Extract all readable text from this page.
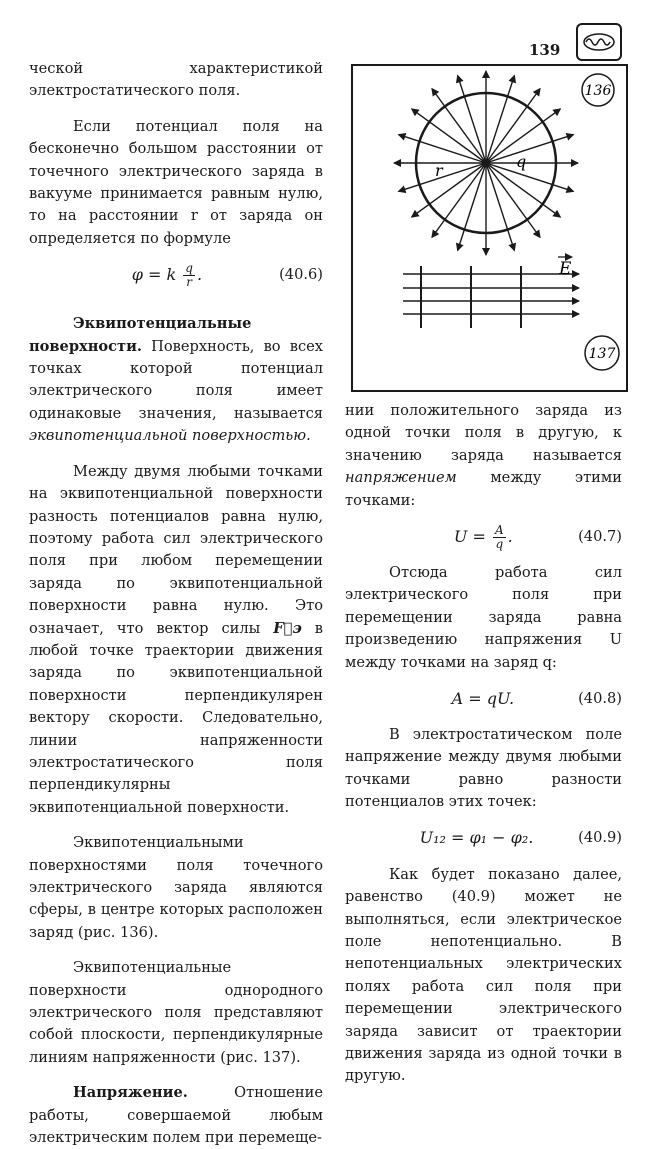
139
q
r
136
E
137

ческой характеристикой электростатического поля.

Если потенциал поля на бесконечно большом расстоянии от точечного электрического заряда в вакууме принимается равным нулю, то на расстоянии r от заряда он определяется по формуле

φ = k $\frac{q}{r}$ .	(40.6)

Эквипотенциальные поверхности. Поверхность, во всех точках которой потенциал электрического поля имеет одинаковые значения, называется эквипотенциальной поверхностью.

Между двумя любыми точками на эквипотенциальной поверхности разность потенциалов равна нулю, поэтому работа сил электрического поля при любом перемещении заряда по эквипотенциальной поверхности равна нулю. Это означает, что вектор силы F⃗э в любой точке траектории движения заряда по эквипотенциальной поверхности перпендикулярен вектору скорости. Следовательно, линии напряженности электростатического поля перпендикулярны эквипотенциальной поверхности.

Эквипотенциальными поверхностями поля точечного электрического заряда являются сферы, в центре которых расположен заряд (рис. 136).

Эквипотенциальные поверхности однородного электрического поля представляют собой плоскости, перпендикулярные линиям напряженности (рис. 137).

Напряжение. Отношение работы, совершаемой любым электрическим полем при перемеще-

нии положительного заряда из одной точки поля в другую, к значению заряда называется напряжением между этими точками:

$U = \frac{A}{q}$ .	(40.7)

Отсюда работа сил электрического поля при перемещении заряда равна произведению напряжения U между точками на заряд q:

A = qU.	(40.8)

В электростатическом поле напряжение между двумя любыми точками равно разности потенциалов этих точек:

U₁₂ = φ₁ − φ₂.	(40.9)

Как будет показано далее, равенство (40.9) может не выполняться, если электрическое поле непотенциально. В непотенциальных электрических полях работа сил поля при перемещении электрического заряда зависит от траектории движения заряда из одной точки в другую.
